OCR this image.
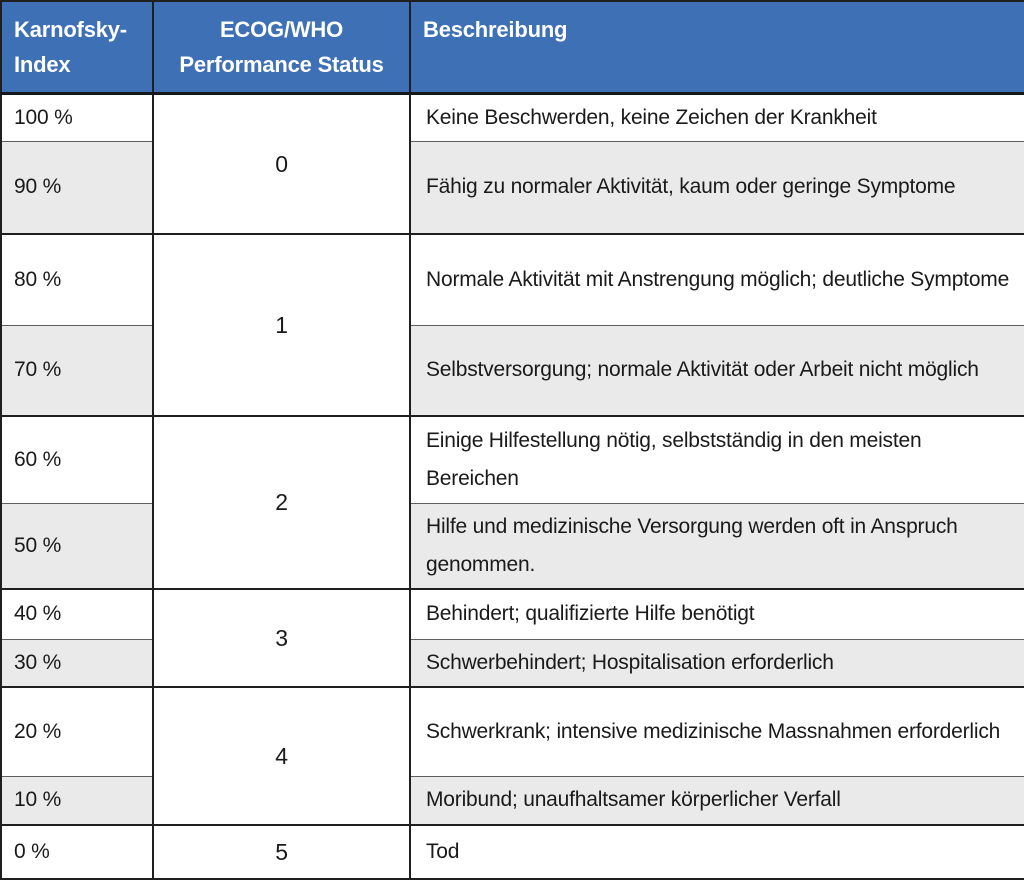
Karnofsky-Index	ECOG/WHO Performance Status	Beschreibung
100 %	0	Keine Beschwerden, keine Zeichen der Krankheit
90 %		Fähig zu normaler Aktivität, kaum oder geringe Symptome
80 %	1	Normale Aktivität mit Anstrengung möglich; deutliche Symptome
70 %		Selbstversorgung; normale Aktivität oder Arbeit nicht möglich
60 %	2	Einige Hilfestellung nötig, selbstständig in den meisten Bereichen
50 %		Hilfe und medizinische Versorgung werden oft in Anspruch genommen.
40 %	3	Behindert; qualifizierte Hilfe benötigt
30 %		Schwerbehindert; Hospitalisation erforderlich
20 %	4	Schwerkrank; intensive medizinische Massnahmen erforderlich
10 %		Moribund; unaufhaltsamer körperlicher Verfall
0 %	5	Tod
